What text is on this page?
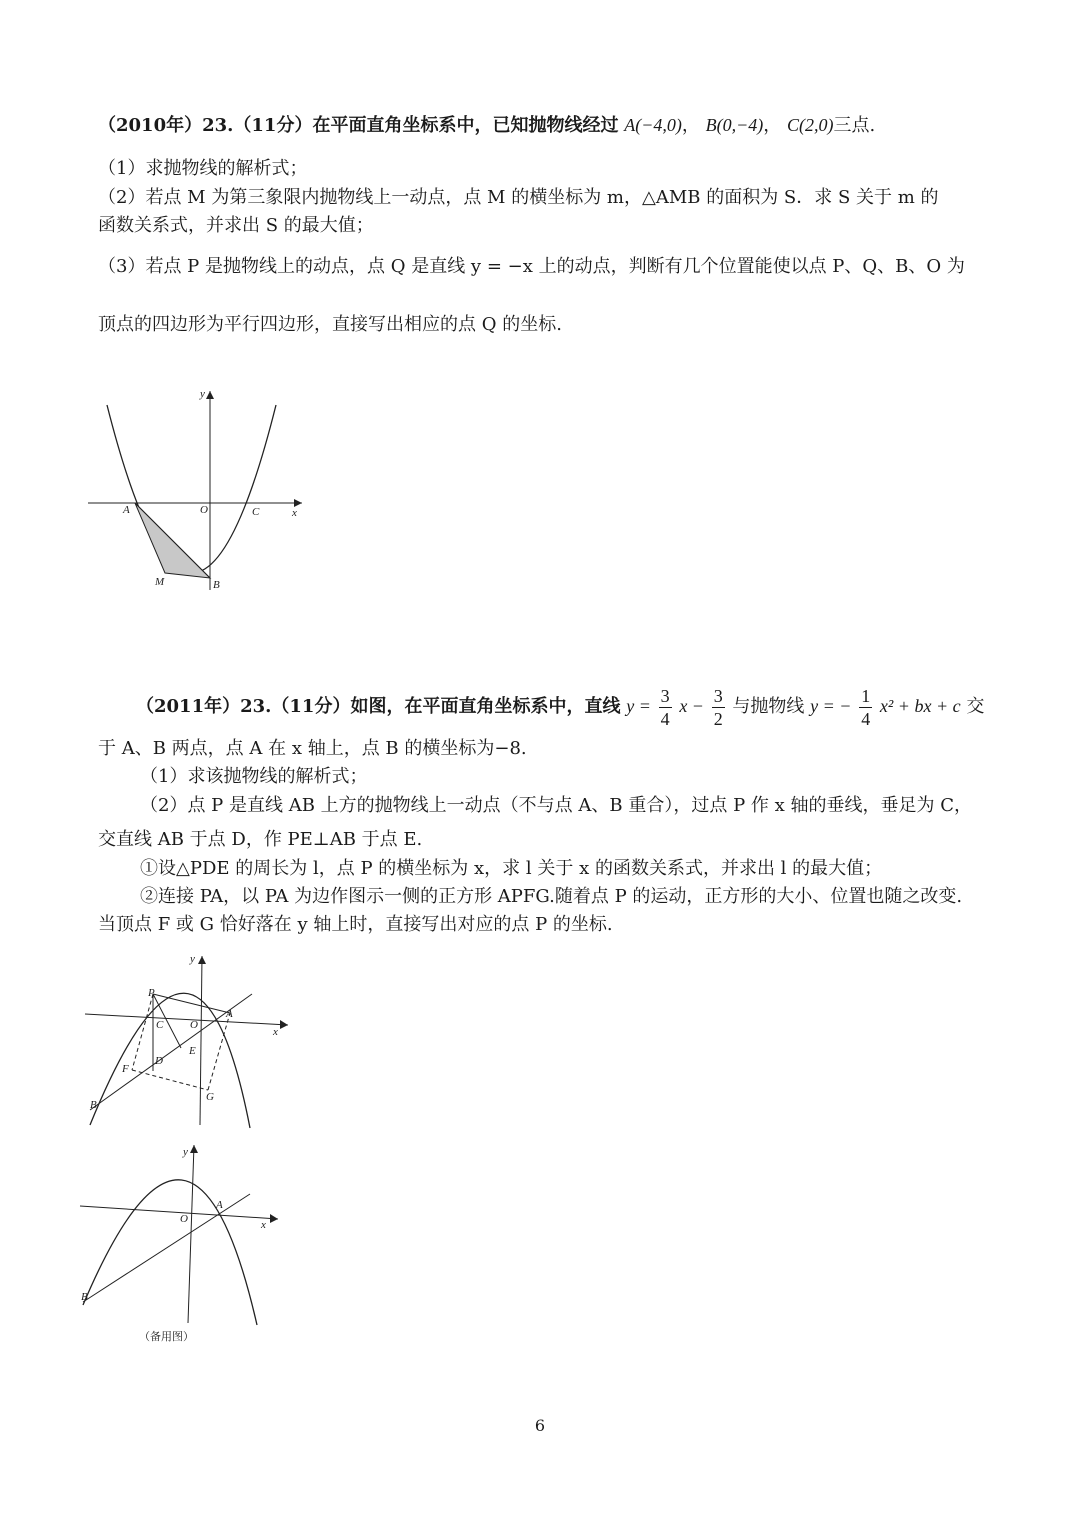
（2010年）23.（11分）在平面直角坐标系中，已知抛物线经过 A(−4,0)， B(0,−4)， C(2,0)三点.
（1）求抛物线的解析式；
（2）若点 M 为第三象限内抛物线上一动点，点 M 的横坐标为 m，△AMB 的面积为 S．求 S 关于 m 的
函数关系式，并求出 S 的最大值；
（3）若点 P 是抛物线上的动点，点 Q 是直线 y = −x 上的动点，判断有几个位置能使以点 P、Q、B、O 为
顶点的四边形为平行四边形，直接写出相应的点 Q 的坐标.
y
x
A	O	C
M	B
（2011年）23.（11分）如图，在平面直角坐标系中，直线 $y = \frac{3}{4}$ $x - \frac{3}{2}$ 与抛物线 y = − $\frac{1}{4} x^2$ + bx + c 交
于 A、B 两点，点 A 在 x 轴上，点 B 的横坐标为−8.
（1）求该抛物线的解析式；
（2）点 P 是直线 AB 上方的抛物线上一动点（不与点 A、B 重合），过点 P 作 x 轴的垂线，垂足为 C，
交直线 AB 于点 D，作 PE⊥AB 于点 E.
①设△PDE 的周长为 l，点 P 的横坐标为 x，求 l 关于 x 的函数关系式，并求出 l 的最大值；
②连接 PA，以 PA 为边作图示一侧的正方形 APFG.随着点 P 的运动，正方形的大小、位置也随之改变.
当顶点 F 或 G 恰好落在 y 轴上时，直接写出对应的点 P 的坐标.
y
x
P
C O
A
E
D
F
G
B
y
x
O
A
B
（备用图）
6
